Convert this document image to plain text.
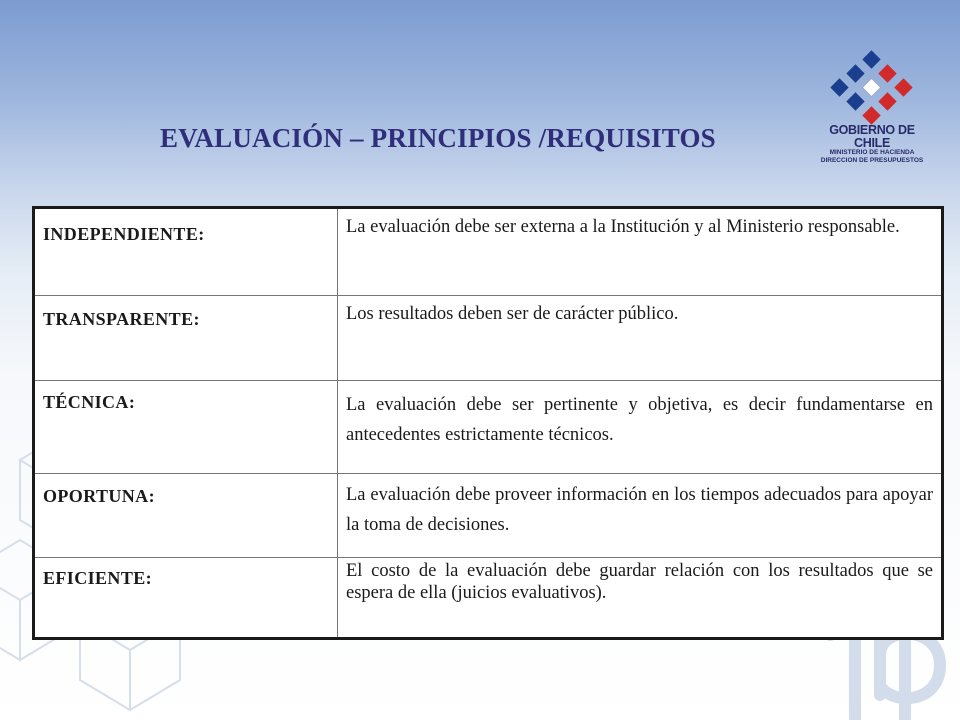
GOBIERNO DE CHILE
MINISTERIO DE HACIENDA
DIRECCION DE PRESUPUESTOS
EVALUACIÓN – PRINCIPIOS /REQUISITOS
INDEPENDIENTE:	La evaluación debe ser externa a la Institución y al Ministerio responsable.
TRANSPARENTE:	Los resultados deben ser de carácter público.
TÉCNICA:	La evaluación debe ser pertinente y objetiva, es decir fundamentarse en antecedentes estrictamente técnicos.
OPORTUNA:	La evaluación debe proveer información en los tiempos adecuados para apoyar la toma de decisiones.
EFICIENTE:	El costo de la evaluación debe guardar relación con los resultados que se espera de ella (juicios evaluativos).
